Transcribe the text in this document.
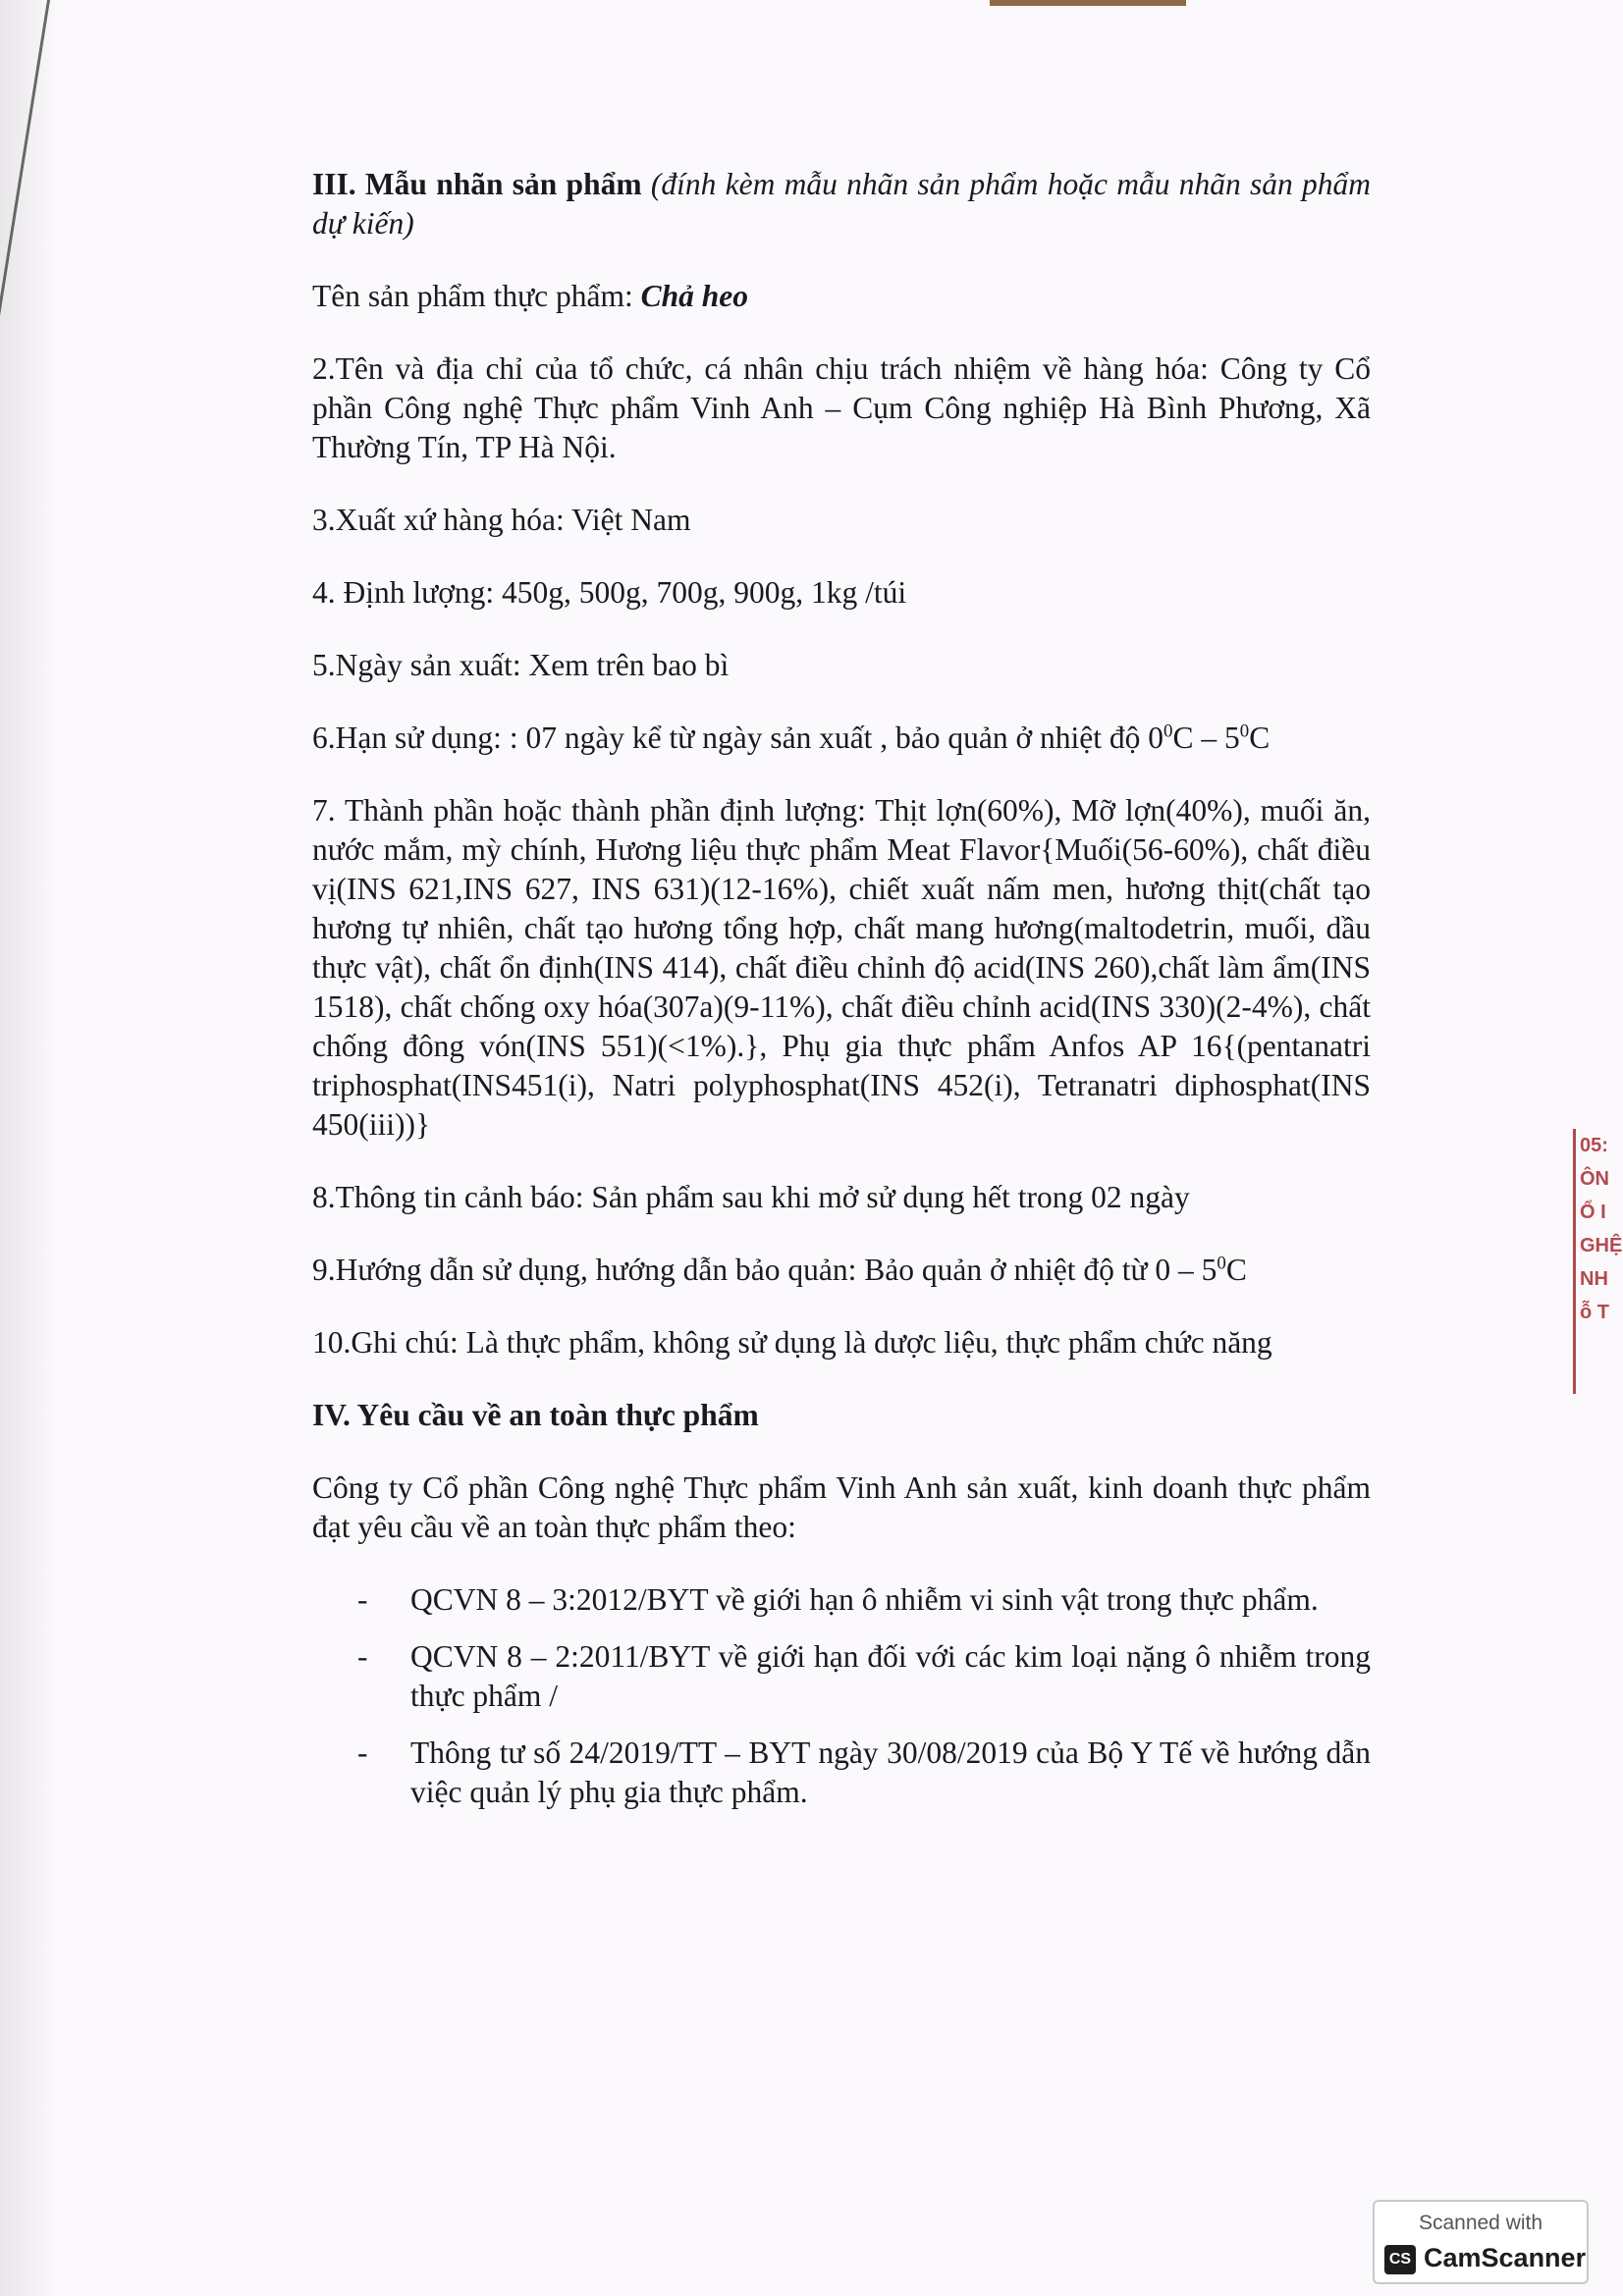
05:
ÔN
Ổ I
GHỆ
NH
ỗ T

III. Mẫu nhãn sản phẩm (đính kèm mẫu nhãn sản phẩm hoặc mẫu nhãn sản phẩm dự kiến)

Tên sản phẩm thực phẩm: Chả heo

2.Tên và địa chỉ của tổ chức, cá nhân chịu trách nhiệm về hàng hóa: Công ty Cổ phần Công nghệ Thực phẩm Vinh Anh – Cụm Công nghiệp Hà Bình Phương, Xã Thường Tín, TP Hà Nội.

3.Xuất xứ hàng hóa: Việt Nam

4. Định lượng: 450g, 500g, 700g, 900g, 1kg /túi

5.Ngày sản xuất: Xem trên bao bì

6.Hạn sử dụng: : 07 ngày kể từ ngày sản xuất , bảo quản ở nhiệt độ $0^0C - 5^0C$

7. Thành phần hoặc thành phần định lượng: Thịt lợn(60%), Mỡ lợn(40%), muối ăn, nước mắm, mỳ chính, Hương liệu thực phẩm Meat Flavor{Muối(56-60%), chất điều vị(INS 621,INS 627, INS 631)(12-16%), chiết xuất nấm men, hương thịt(chất tạo hương tự nhiên, chất tạo hương tổng hợp, chất mang hương(maltodetrin, muối, dầu thực vật), chất ổn định(INS 414), chất điều chỉnh độ acid(INS 260),chất làm ẩm(INS 1518), chất chống oxy hóa(307a)(9-11%), chất điều chỉnh acid(INS 330)(2-4%), chất chống đông vón(INS 551)(<1%).}, Phụ gia thực phẩm Anfos AP 16{(pentanatri triphosphat(INS451(i), Natri polyphosphat(INS 452(i), Tetranatri diphosphat(INS 450(iii))}

8.Thông tin cảnh báo: Sản phẩm sau khi mở sử dụng hết trong 02 ngày

9.Hướng dẫn sử dụng, hướng dẫn bảo quản: Bảo quản ở nhiệt độ từ $0 - 5^0C$

10.Ghi chú: Là thực phẩm, không sử dụng là dược liệu, thực phẩm chức năng

IV. Yêu cầu về an toàn thực phẩm

Công ty Cổ phần Công nghệ Thực phẩm Vinh Anh sản xuất, kinh doanh thực phẩm đạt yêu cầu về an toàn thực phẩm theo:

- QCVN 8 – 3:2012/BYT về giới hạn ô nhiễm vi sinh vật trong thực phẩm.
- QCVN 8 – 2:2011/BYT về giới hạn đối với các kim loại nặng ô nhiễm trong thực phẩm /
- Thông tư số 24/2019/TT – BYT ngày 30/08/2019 của Bộ Y Tế về hướng dẫn việc quản lý phụ gia thực phẩm.
Scanned with
CS CamScanner
